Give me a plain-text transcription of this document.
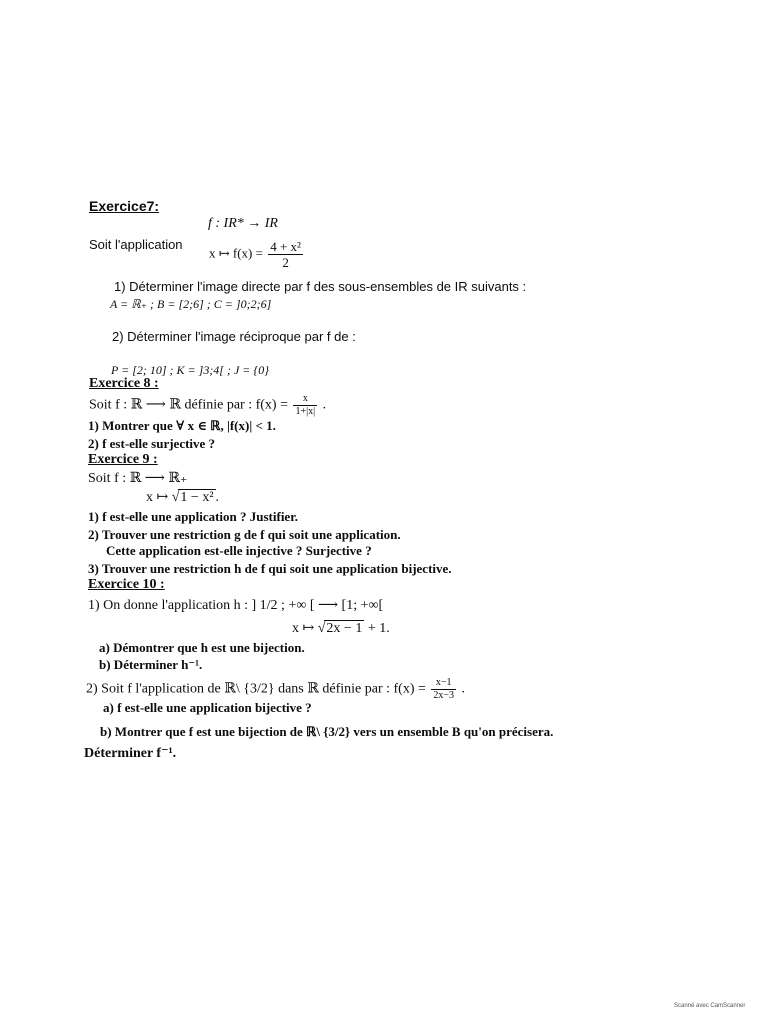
Exercice7:
f : IR* → IR
Soit l'application
x ↦ $f(x) = \frac{\text{4 + x²}}{2}$
1) Déterminer l'image directe par f des sous-ensembles de IR suivants :
A = ℝ₊ ; B = [2;6] ; C = ]0;2;6]
2) Déterminer l'image réciproque par f de :
P = [2; 10] ; K = ]3;4[ ; J = {0}
Exercice 8 :
Soit f : ℝ ⟶ ℝ définie par : $f(x) = \frac{x}{1+|x|}$ .
1) Montrer que ∀ x ∈ ℝ, |f(x)| < 1.
2) f est-elle surjective ?
Exercice 9 :
Soit f : ℝ ⟶ ℝ₊
x ↦ √1 − x² .
1) f est-elle une application ? Justifier.
2) Trouver une restriction g de f qui soit une application.
Cette application est-elle injective ? Surjective ?
3) Trouver une restriction h de f qui soit une application bijective.
Exercice 10 :
1) On donne l'application h : ] 1/2 ; +∞ [ ⟶ [1; +∞[
x ↦ √2x − 1 + 1.
a) Démontrer que h est une bijection.
b) Déterminer h⁻¹.
2) Soit f l'application de ℝ\ {3/2} dans ℝ définie par : $f(x) = \frac{x-1}{2x-3}$ .
a) f est-elle une application bijective ?
b) Montrer que f est une bijection de ℝ\ {3/2} vers un ensemble B qu'on précisera.
Déterminer f⁻¹.
Scanné avec CamScanner
